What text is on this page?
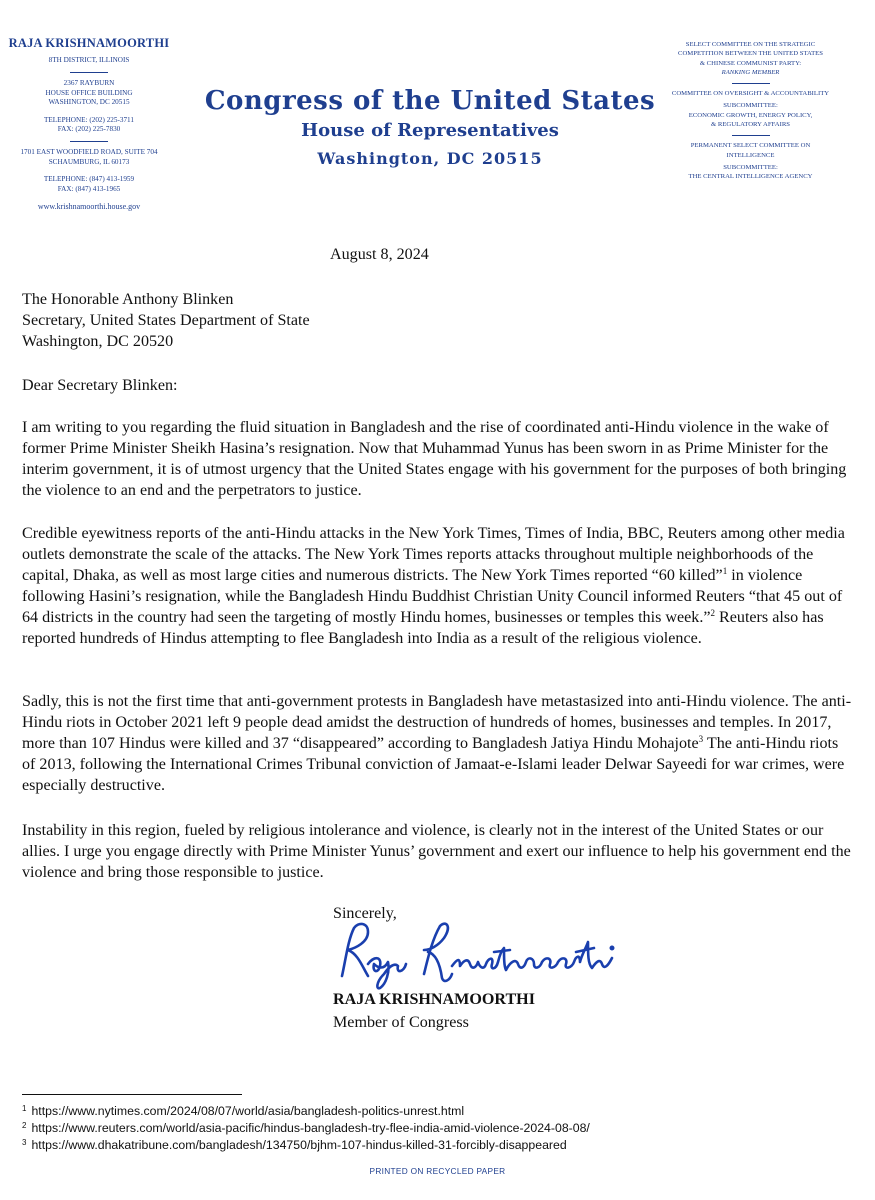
RAJA KRISHNAMOORTHI
8TH DISTRICT, ILLINOIS
2367 RAYBURN
HOUSE OFFICE BUILDING
WASHINGTON, DC 20515
TELEPHONE: (202) 225-3711
FAX: (202) 225-7830
1701 EAST WOODFIELD ROAD, SUITE 704
SCHAUMBURG, IL 60173
TELEPHONE: (847) 413-1959
FAX: (847) 413-1965
www.krishnamoorthi.house.gov
Congress of the United States
House of Representatives
Washington, DC 20515
SELECT COMMITTEE ON THE STRATEGIC
COMPETITION BETWEEN THE UNITED STATES
& CHINESE COMMUNIST PARTY:
RANKING MEMBER
COMMITTEE ON OVERSIGHT & ACCOUNTABILITY
SUBCOMMITTEE:
ECONOMIC GROWTH, ENERGY POLICY,
& REGULATORY AFFAIRS
PERMANENT SELECT COMMITTEE ON
INTELLIGENCE
SUBCOMMITTEE:
THE CENTRAL INTELLIGENCE AGENCY
August 8, 2024
The Honorable Anthony Blinken
Secretary, United States Department of State
Washington, DC 20520
Dear Secretary Blinken:
I am writing to you regarding the fluid situation in Bangladesh and the rise of coordinated anti-Hindu violence in the wake of former Prime Minister Sheikh Hasina’s resignation. Now that Muhammad Yunus has been sworn in as Prime Minister for the interim government, it is of utmost urgency that the United States engage with his government for the purposes of both bringing the violence to an end and the perpetrators to justice.
Credible eyewitness reports of the anti-Hindu attacks in the New York Times, Times of India, BBC, Reuters among other media outlets demonstrate the scale of the attacks. The New York Times reports attacks throughout multiple neighborhoods of the capital, Dhaka, as well as most large cities and numerous districts. The New York Times reported “60 killed”$^1$ in violence following Hasini’s resignation, while the Bangladesh Hindu Buddhist Christian Unity Council informed Reuters “that 45 out of 64 districts in the country had seen the targeting of mostly Hindu homes, businesses or temples this week.”$^2$ Reuters also has reported hundreds of Hindus attempting to flee Bangladesh into India as a result of the religious violence.
Sadly, this is not the first time that anti-government protests in Bangladesh have metastasized into anti-Hindu violence. The anti-Hindu riots in October 2021 left 9 people dead amidst the destruction of hundreds of homes, businesses and temples. In 2017, more than 107 Hindus were killed and 37 “disappeared” according to Bangladesh Jatiya Hindu Mohajote$^3$ The anti-Hindu riots of 2013, following the International Crimes Tribunal conviction of Jamaat-e-Islami leader Delwar Sayeedi for war crimes, were especially destructive.
Instability in this region, fueled by religious intolerance and violence, is clearly not in the interest of the United States or our allies. I urge you engage directly with Prime Minister Yunus’ government and exert our influence to help his government end the violence and bring those responsible to justice.
Sincerely,
RAJA KRISHNAMOORTHI
Member of Congress
$^1$ https://www.nytimes.com/2024/08/07/world/asia/bangladesh-politics-unrest.html
$^2$ https://www.reuters.com/world/asia-pacific/hindus-bangladesh-try-flee-india-amid-violence-2024-08-08/
$^3$ https://www.dhakatribune.com/bangladesh/134750/bjhm-107-hindus-killed-31-forcibly-disappeared
PRINTED ON RECYCLED PAPER
